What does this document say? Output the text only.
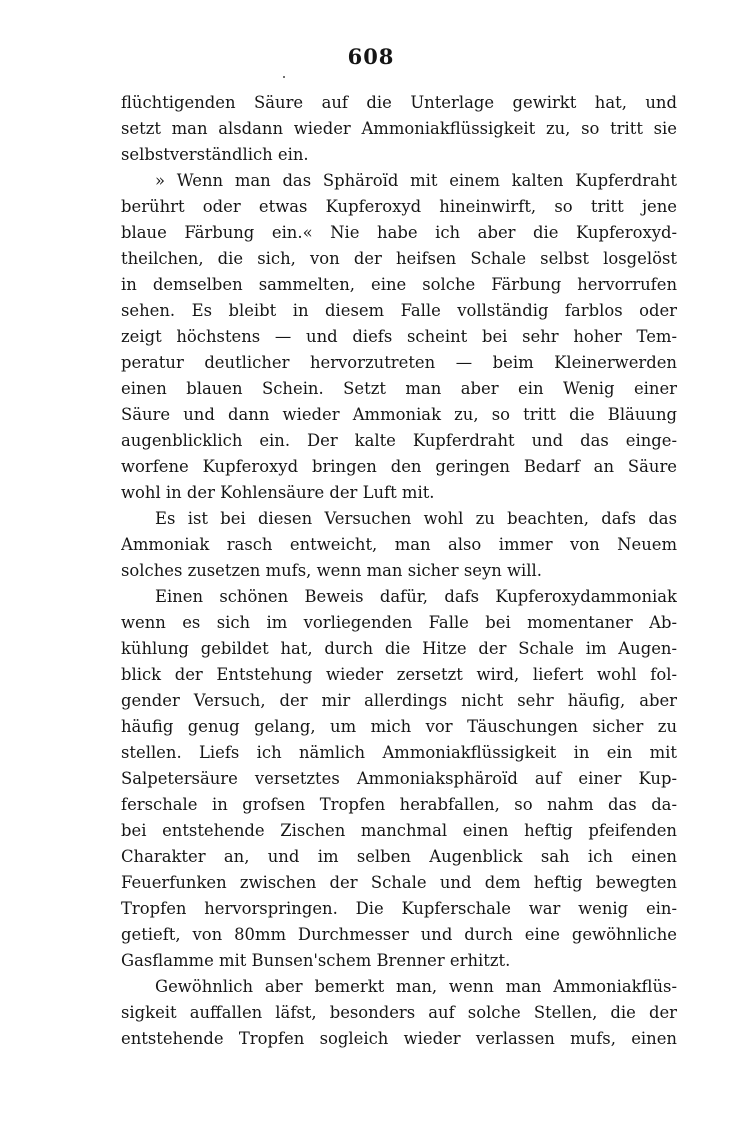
608
flüchtigenden Säure auf die Unterlage gewirkt hat, und
setzt man alsdann wieder Ammoniakflüssigkeit zu, so tritt sie
selbstverständlich ein.
» Wenn man das Sphäroïd mit einem kalten Kupferdraht
berührt oder etwas Kupferoxyd hineinwirft, so tritt jene
blaue Färbung ein.« Nie habe ich aber die Kupferoxyd-
theilchen, die sich, von der heifsen Schale selbst losgelöst
in demselben sammelten, eine solche Färbung hervorrufen
sehen. Es bleibt in diesem Falle vollständig farblos oder
zeigt höchstens — und diefs scheint bei sehr hoher Tem-
peratur deutlicher hervorzutreten — beim Kleinerwerden
einen blauen Schein. Setzt man aber ein Wenig einer
Säure und dann wieder Ammoniak zu, so tritt die Bläuung
augenblicklich ein. Der kalte Kupferdraht und das einge-
worfene Kupferoxyd bringen den geringen Bedarf an Säure
wohl in der Kohlensäure der Luft mit.
Es ist bei diesen Versuchen wohl zu beachten, dafs das
Ammoniak rasch entweicht, man also immer von Neuem
solches zusetzen mufs, wenn man sicher seyn will.
Einen schönen Beweis dafür, dafs Kupferoxydammoniak
wenn es sich im vorliegenden Falle bei momentaner Ab-
kühlung gebildet hat, durch die Hitze der Schale im Augen-
blick der Entstehung wieder zersetzt wird, liefert wohl fol-
gender Versuch, der mir allerdings nicht sehr häufig, aber
häufig genug gelang, um mich vor Täuschungen sicher zu
stellen. Liefs ich nämlich Ammoniakflüssigkeit in ein mit
Salpetersäure versetztes Ammoniaksphäroïd auf einer Kup-
ferschale in grofsen Tropfen herabfallen, so nahm das da-
bei entstehende Zischen manchmal einen heftig pfeifenden
Charakter an, und im selben Augenblick sah ich einen
Feuerfunken zwischen der Schale und dem heftig bewegten
Tropfen hervorspringen. Die Kupferschale war wenig ein-
getieft, von 80mm Durchmesser und durch eine gewöhnliche
Gasflamme mit Bunsen'schem Brenner erhitzt.
Gewöhnlich aber bemerkt man, wenn man Ammoniakflüs-
sigkeit auffallen läfst, besonders auf solche Stellen, die der
entstehende Tropfen sogleich wieder verlassen mufs, einen
